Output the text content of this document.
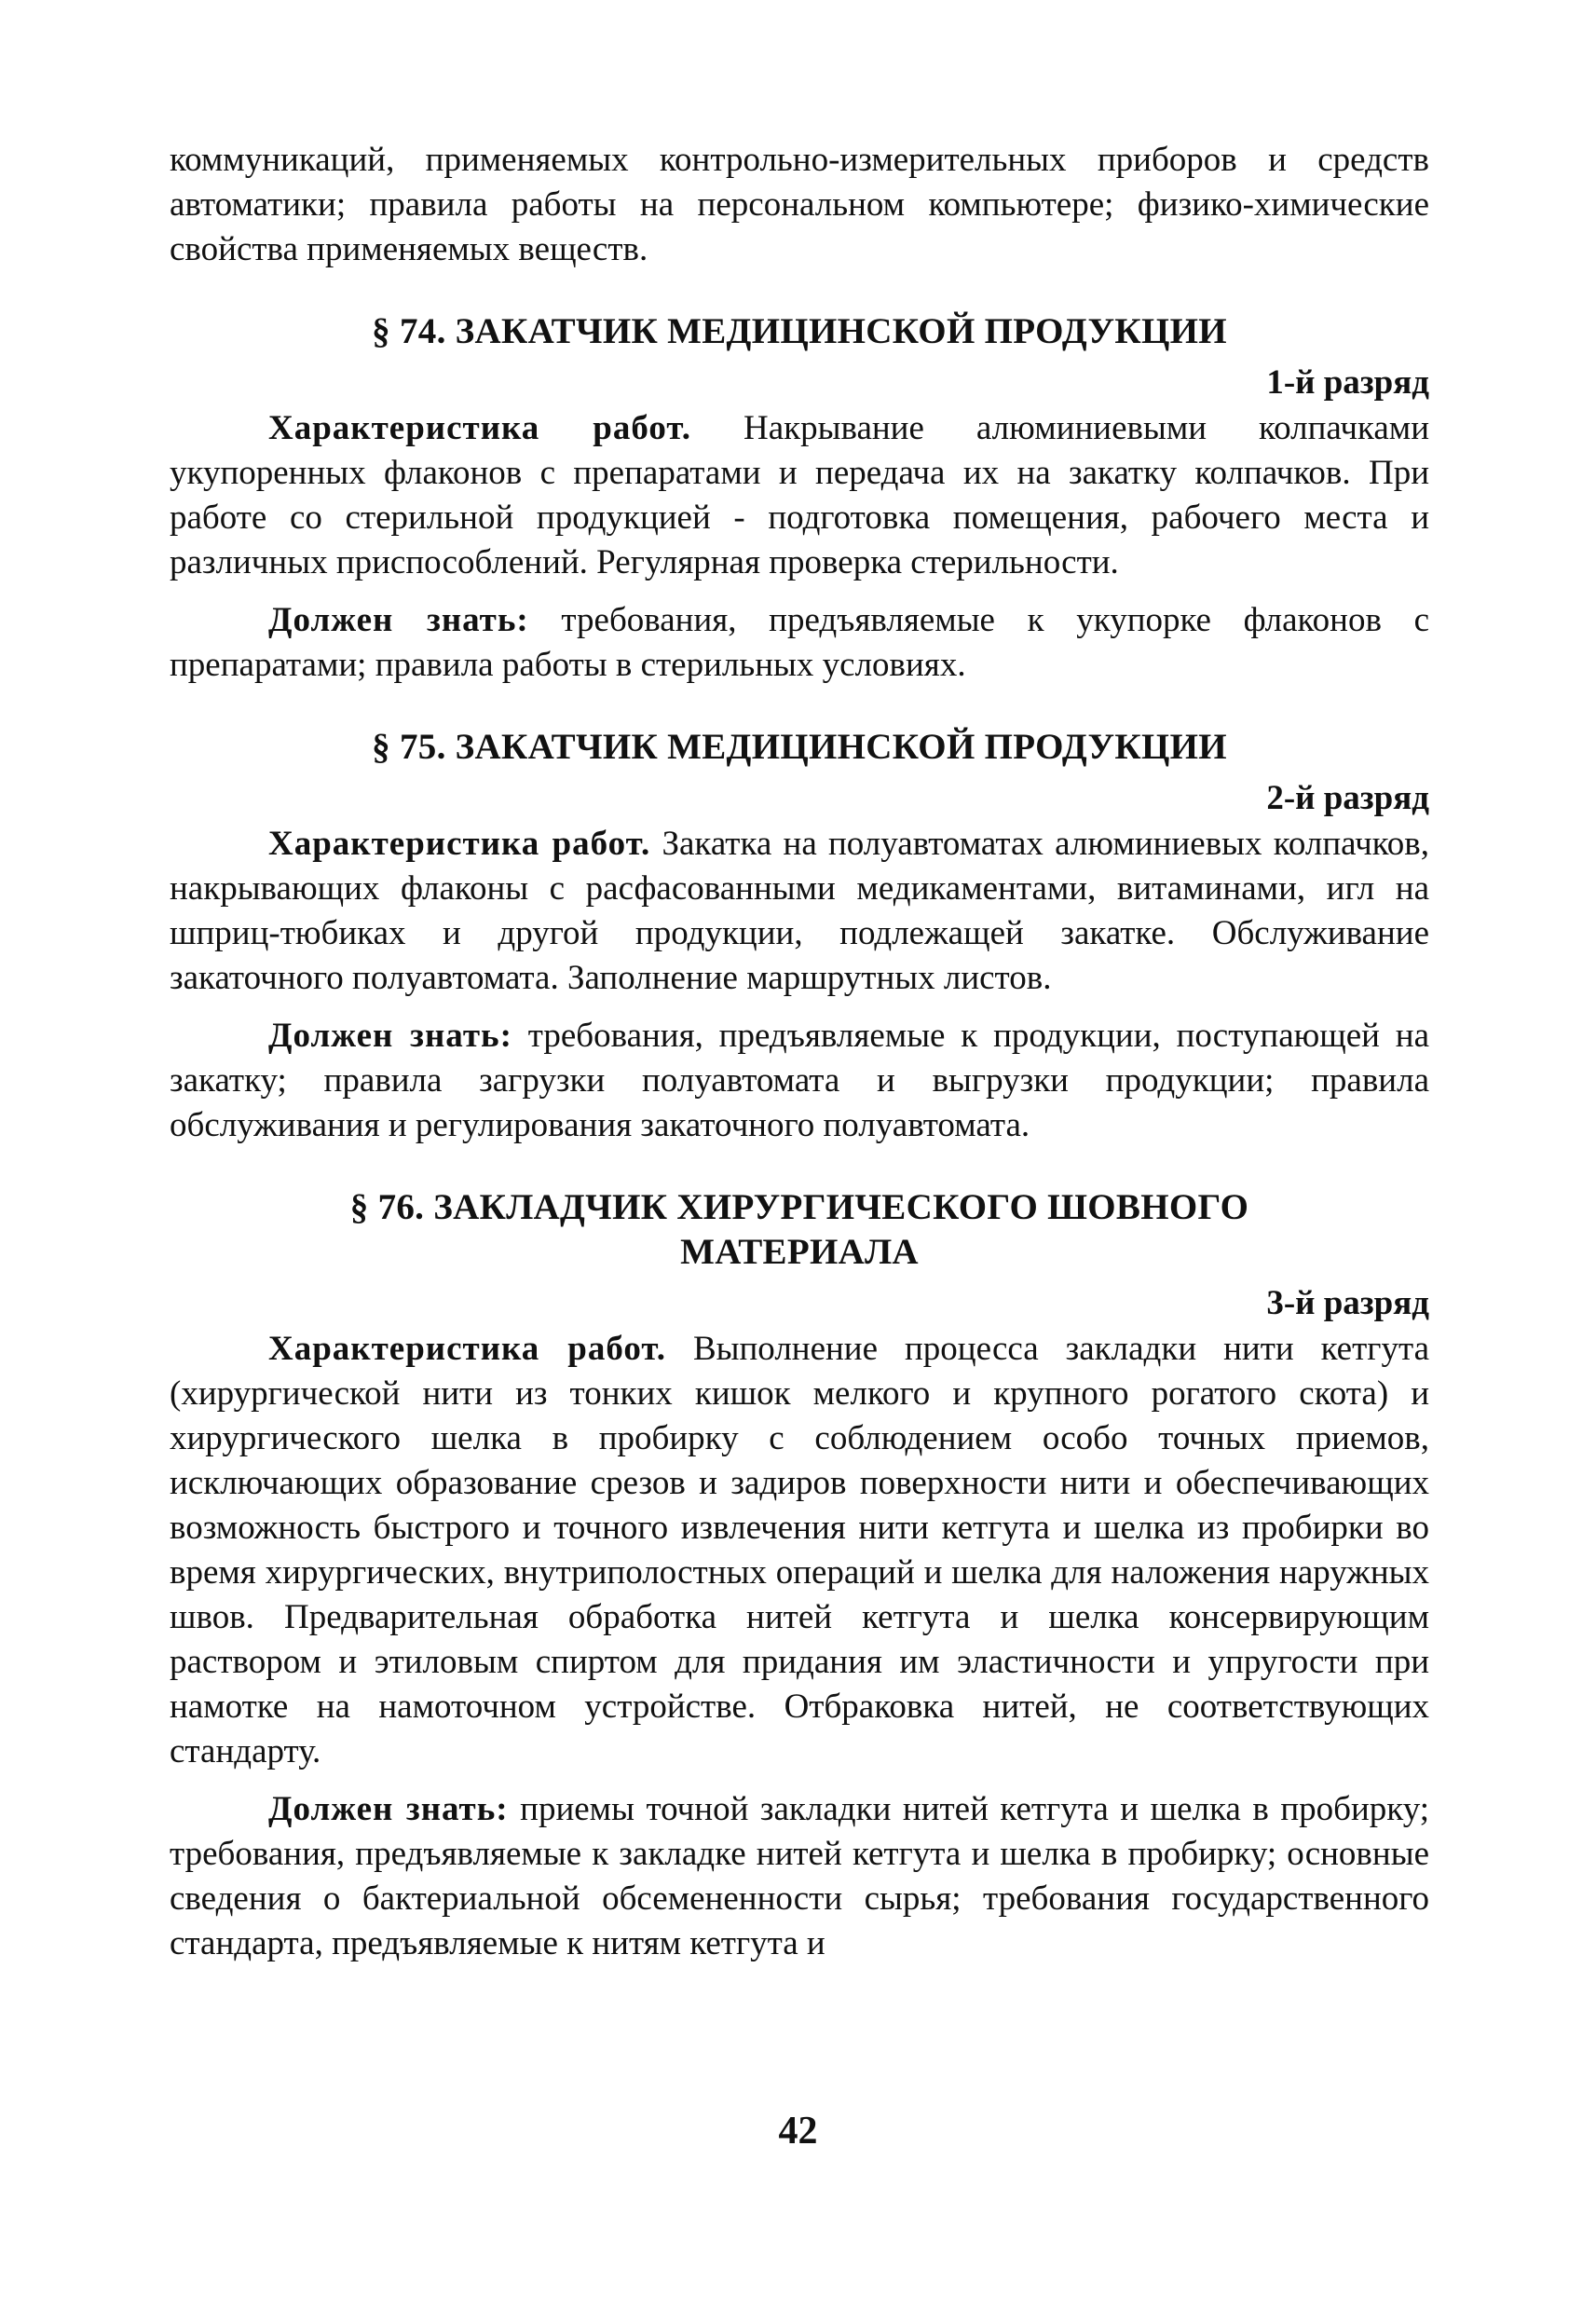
коммуникаций, применяемых контрольно-измерительных приборов и средств автоматики; правила работы на персональном компьютере; физико-химические свойства применяемых веществ.

§ 74. ЗАКАТЧИК МЕДИЦИНСКОЙ ПРОДУКЦИИ
1-й разряд

Характеристика работ. Накрывание алюминиевыми колпачками укупоренных флаконов с препаратами и передача их на закатку колпачков. При работе со стерильной продукцией - подготовка помещения, рабочего места и различных приспособлений. Регулярная проверка стерильности.

Должен знать: требования, предъявляемые к укупорке флаконов с препаратами; правила работы в стерильных условиях.

§ 75. ЗАКАТЧИК МЕДИЦИНСКОЙ ПРОДУКЦИИ
2-й разряд

Характеристика работ. Закатка на полуавтоматах алюминиевых колпачков, накрывающих флаконы с расфасованными медикаментами, витаминами, игл на шприц-тюбиках и другой продукции, подлежащей закатке. Обслуживание закаточного полуавтомата. Заполнение маршрутных листов.

Должен знать: требования, предъявляемые к продукции, поступающей на закатку; правила загрузки полуавтомата и выгрузки продукции; правила обслуживания и регулирования закаточного полуавтомата.

§ 76. ЗАКЛАДЧИК ХИРУРГИЧЕСКОГО ШОВНОГО
МАТЕРИАЛА
3-й разряд

Характеристика работ. Выполнение процесса закладки нити кетгута (хирургической нити из тонких кишок мелкого и крупного рогатого скота) и хирургического шелка в пробирку с соблюдением особо точных приемов, исключающих образование срезов и задиров поверхности нити и обеспечивающих возможность быстрого и точного извлечения нити кетгута и шелка из пробирки во время хирургических, внутриполостных операций и шелка для наложения наружных швов. Предварительная обработка нитей кетгута и шелка консервирующим раствором и этиловым спиртом для придания им эластичности и упругости при намотке на намоточном устройстве. Отбраковка нитей, не соответствующих стандарту.

Должен знать: приемы точной закладки нитей кетгута и шелка в пробирку; требования, предъявляемые к закладке нитей кетгута и шелка в пробирку; основные сведения о бактериальной обсемененности сырья; требования государственного стандарта, предъявляемые к нитям кетгута и

42
